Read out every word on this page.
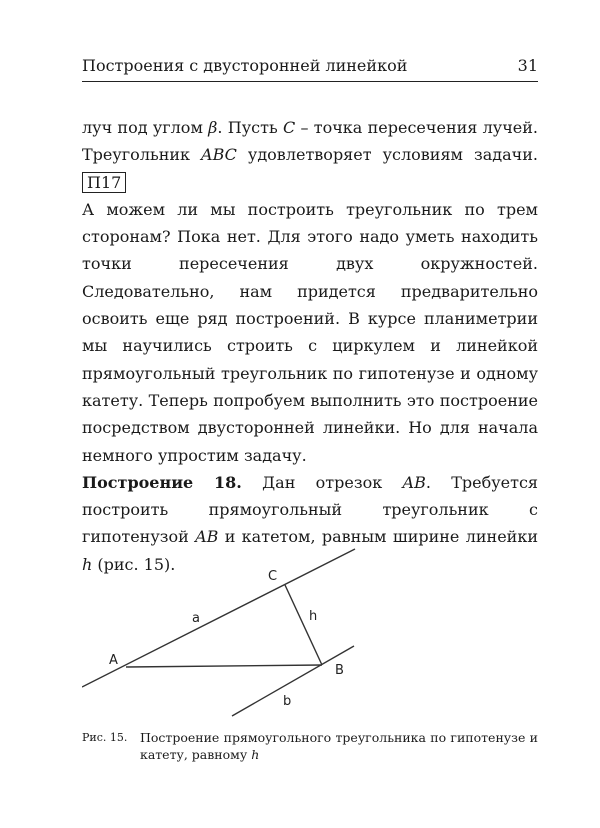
Построения с двусторонней линейкой	31

луч под углом β. Пусть C – точка пересечения лучей. Треугольник ABC удовлетворяет условиям задачи. П17

А можем ли мы построить треугольник по трем сторонам? Пока нет. Для этого надо уметь находить точки пересечения двух окружностей. Следовательно, нам придется предварительно освоить еще ряд построений. В курсе планиметрии мы научились строить с циркулем и линейкой прямоугольный треугольник по гипотенузе и одному катету. Теперь попробуем выполнить это построение посредством двусторонней линейки. Но для начала немного упростим задачу.

Построение 18. Дан отрезок AB. Требуется построить прямоугольный треугольник с гипотенузой AB и катетом, равным ширине линейки h (рис. 15).

A
B
C
a
b
h
Рис. 15.	Построение прямоугольного треугольника по гипотенузе и катету, равному h
